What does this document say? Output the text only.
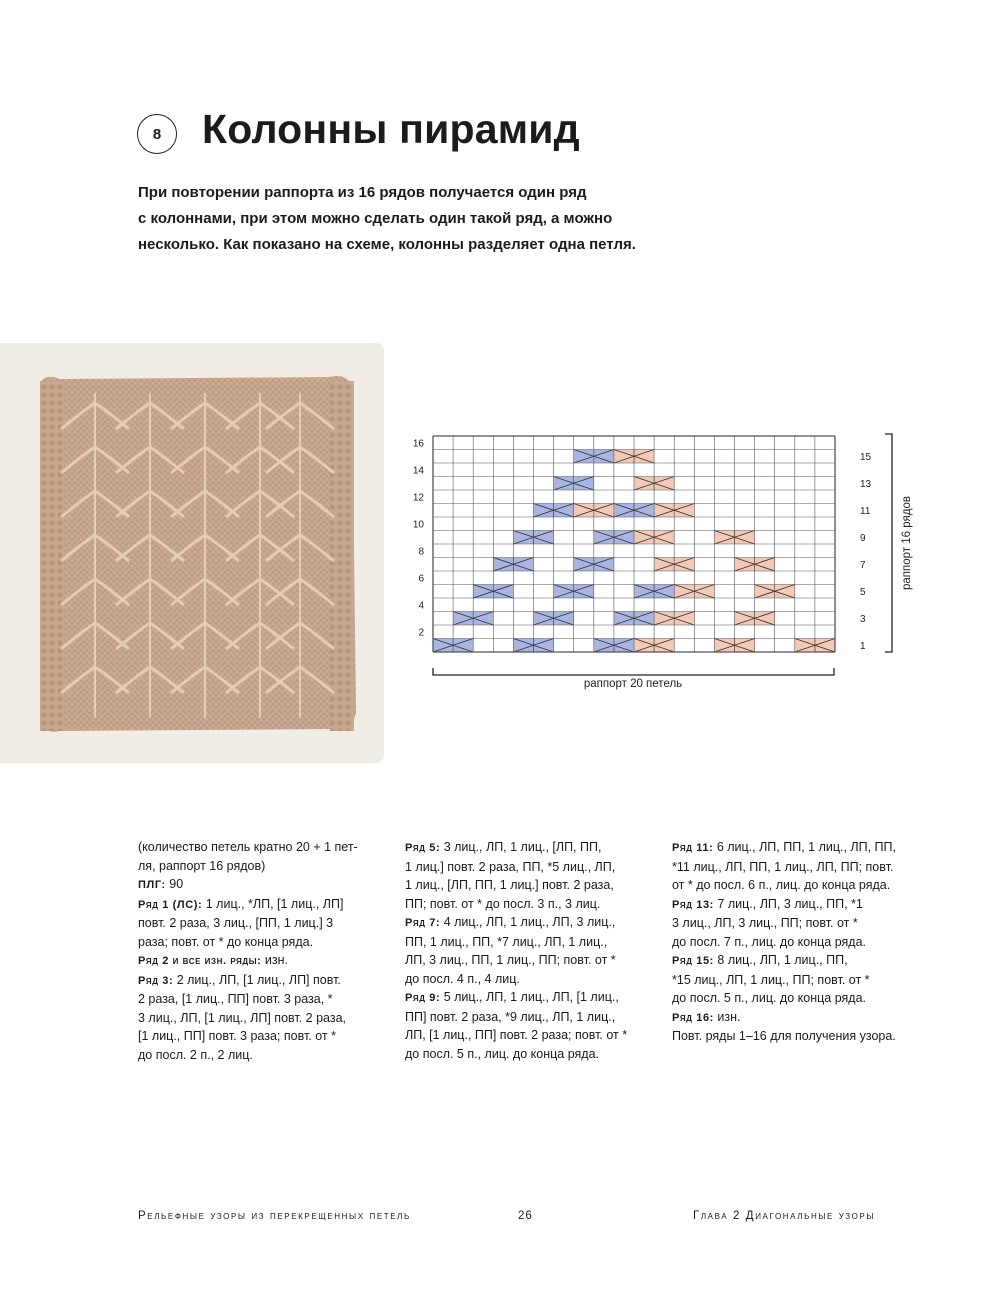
8 Колонны пирамид
При повторении раппорта из 16 рядов получается один ряд
с колоннами, при этом можно сделать один такой ряд, а можно
несколько. Как показано на схеме, колонны разделяет одна петля.
16
14
12
10
8
6
4
2
15
13
11
9
7
5
3
1
раппорт 20 петель
раппорт 16 рядов
(количество петель кратно 20 + 1 пет-
ля, раппорт 16 рядов)
ПЛГ: 90
Ряд 1 (ЛС): 1 лиц., *ЛП, [1 лиц., ЛП]
повт. 2 раза, 3 лиц., [ПП, 1 лиц.] 3
раза; повт. от * до конца ряда.
Ряд 2 и все изн. ряды: изн.
Ряд 3: 2 лиц., ЛП, [1 лиц., ЛП] повт.
2 раза, [1 лиц., ПП] повт. 3 раза, *
3 лиц., ЛП, [1 лиц., ЛП] повт. 2 раза,
[1 лиц., ПП] повт. 3 раза; повт. от *
до посл. 2 п., 2 лиц.
Ряд 5: 3 лиц., ЛП, 1 лиц., [ЛП, ПП,
1 лиц.] повт. 2 раза, ПП, *5 лиц., ЛП,
1 лиц., [ЛП, ПП, 1 лиц.] повт. 2 раза,
ПП; повт. от * до посл. 3 п., 3 лиц.
Ряд 7: 4 лиц., ЛП, 1 лиц., ЛП, 3 лиц.,
ПП, 1 лиц., ПП, *7 лиц., ЛП, 1 лиц.,
ЛП, 3 лиц., ПП, 1 лиц., ПП; повт. от *
до посл. 4 п., 4 лиц.
Ряд 9: 5 лиц., ЛП, 1 лиц., ЛП, [1 лиц.,
ПП] повт. 2 раза, *9 лиц., ЛП, 1 лиц.,
ЛП, [1 лиц., ПП] повт. 2 раза; повт. от *
до посл. 5 п., лиц. до конца ряда.
Ряд 11: 6 лиц., ЛП, ПП, 1 лиц., ЛП, ПП,
*11 лиц., ЛП, ПП, 1 лиц., ЛП, ПП; повт.
от * до посл. 6 п., лиц. до конца ряда.
Ряд 13: 7 лиц., ЛП, 3 лиц., ПП, *1
3 лиц., ЛП, 3 лиц., ПП; повт. от *
до посл. 7 п., лиц. до конца ряда.
Ряд 15: 8 лиц., ЛП, 1 лиц., ПП,
*15 лиц., ЛП, 1 лиц., ПП; повт. от *
до посл. 5 п., лиц. до конца ряда.
Ряд 16: изн.
Повт. ряды 1–16 для получения узора.
Рельефные узоры из перекрещенных петель	26	Глава 2 Диагональные узоры
